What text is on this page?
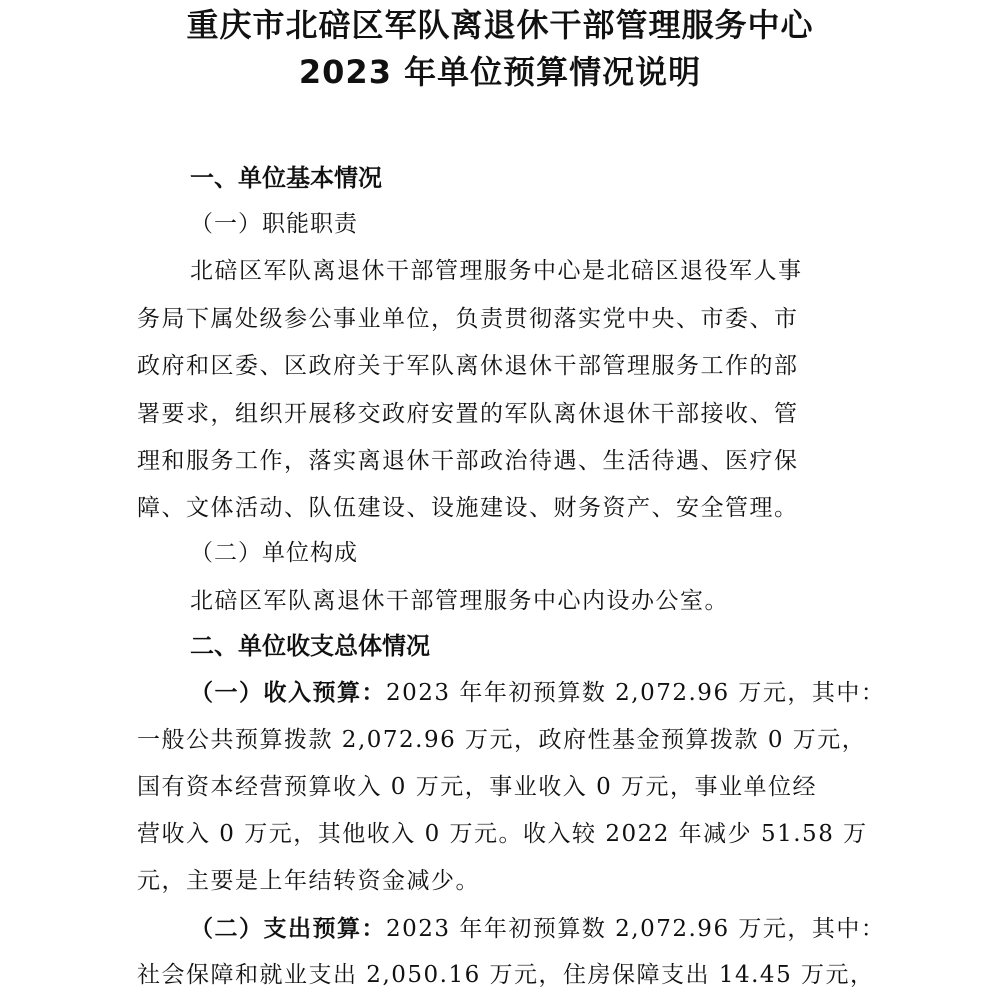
重庆市北碚区军队离退休干部管理服务中心
2023 年单位预算情况说明
一、单位基本情况
（一）职能职责
北碚区军队离退休干部管理服务中心是北碚区退役军人事
务局下属处级参公事业单位，负责贯彻落实党中央、市委、市
政府和区委、区政府关于军队离休退休干部管理服务工作的部
署要求，组织开展移交政府安置的军队离休退休干部接收、管
理和服务工作，落实离退休干部政治待遇、生活待遇、医疗保
障、文体活动、队伍建设、设施建设、财务资产、安全管理。
（二）单位构成
北碚区军队离退休干部管理服务中心内设办公室。
二、单位收支总体情况
（一）收入预算：2023 年年初预算数 2,072.96 万元，其中：
一般公共预算拨款 2,072.96 万元，政府性基金预算拨款 0 万元，
国有资本经营预算收入 0 万元，事业收入 0 万元，事业单位经
营收入 0 万元，其他收入 0 万元。收入较 2022 年减少 51.58 万
元，主要是上年结转资金减少。
（二）支出预算：2023 年年初预算数 2,072.96 万元，其中：
社会保障和就业支出 2,050.16 万元，住房保障支出 14.45 万元，
